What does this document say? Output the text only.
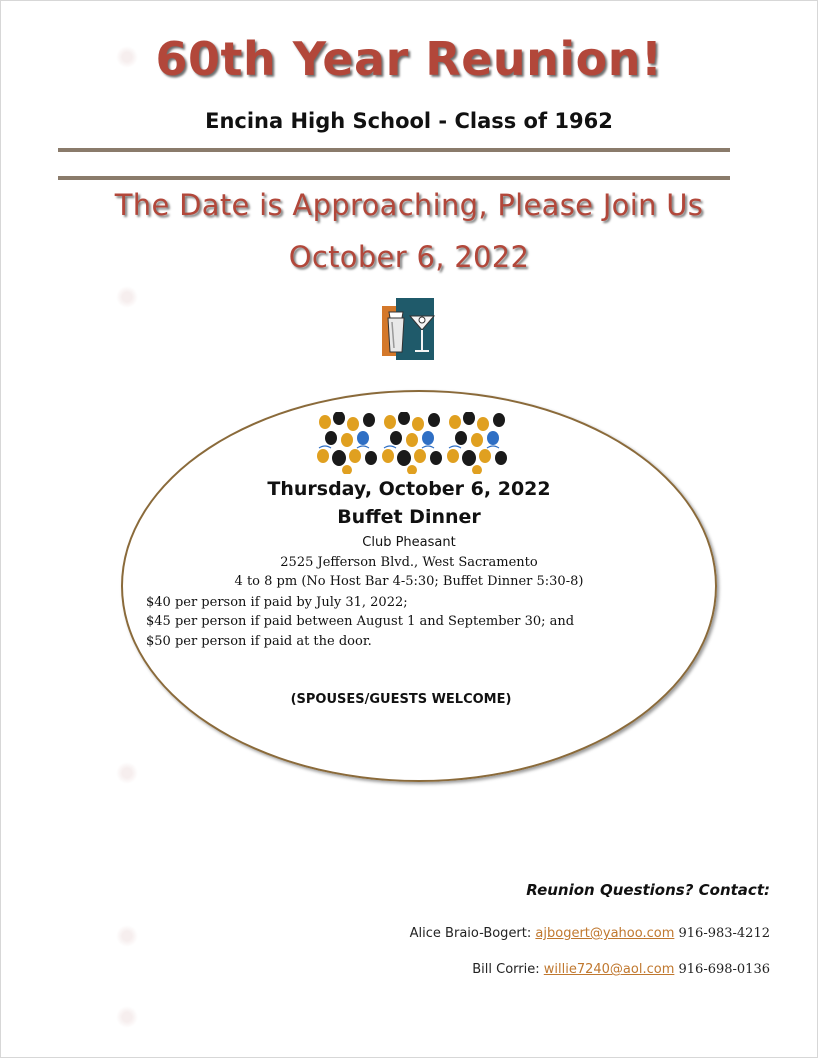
60th Year Reunion!
Encina High School - Class of 1962
The Date is Approaching, Please Join Us
October 6, 2022
Thursday, October 6, 2022
Buffet Dinner
Club Pheasant
2525 Jefferson Blvd., West Sacramento
4 to 8 pm (No Host Bar 4-5:30; Buffet Dinner 5:30-8)
$40 per person if paid by July 31, 2022;
$45 per person if paid between August 1 and September 30; and
$50 per person if paid at the door.
(SPOUSES/GUESTS WELCOME)
Reunion Questions? Contact:
Alice Braio-Bogert: ajbogert@yahoo.com 916-983-4212
Bill Corrie: willie7240@aol.com 916-698-0136
